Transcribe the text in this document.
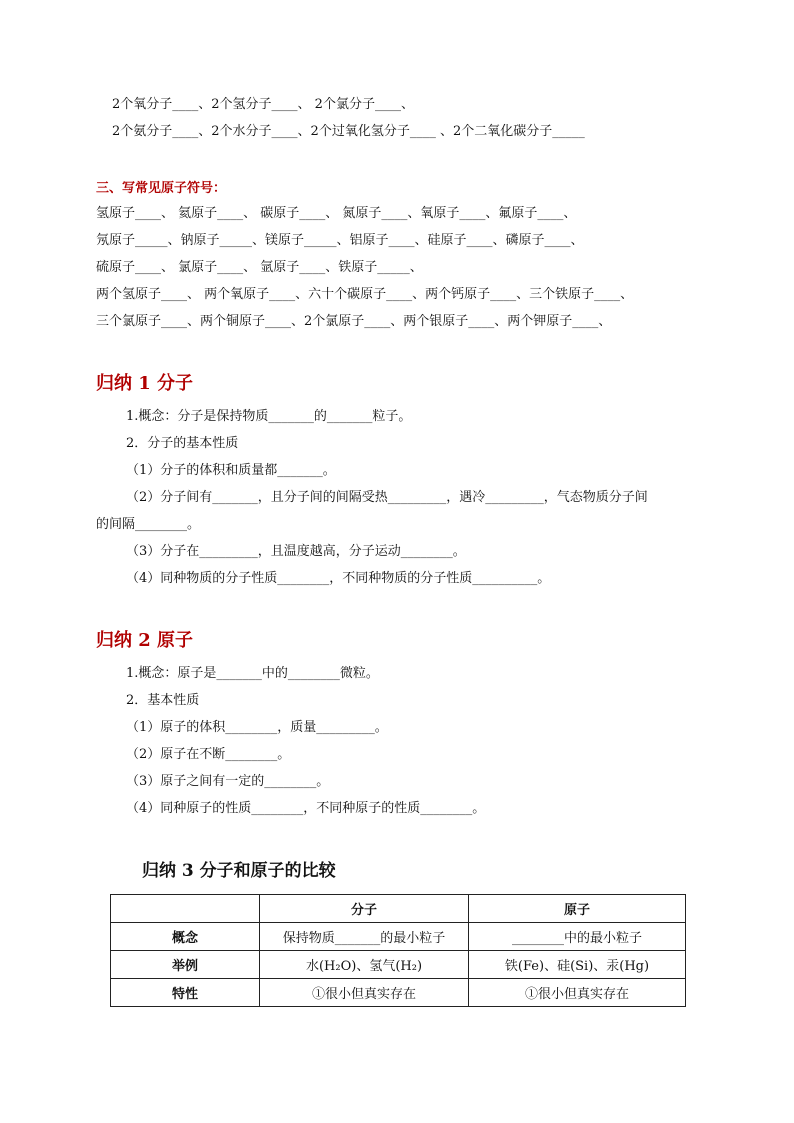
2个氧分子____、2个氢分子____、 2个氯分子____、
2个氨分子____、2个水分子____、2个过氧化氢分子____ 、2个二氧化碳分子_____
三、写常见原子符号：
氢原子____、 氦原子____、 碳原子____、 氮原子____、氧原子____、氟原子____、
氖原子_____、钠原子_____、镁原子_____、铝原子____、硅原子____、磷原子____、
硫原子____、 氯原子____、 氩原子____、铁原子_____、
两个氢原子____、 两个氧原子____、六十个碳原子____、两个钙原子____、三个铁原子____、
三个氯原子____、两个铜原子____、2个氯原子____、两个银原子____、两个钾原子____、
归纳 1 分子
1.概念：分子是保持物质_______的_______粒子。
2．分子的基本性质
（1）分子的体积和质量都_______。
（2）分子间有_______，且分子间的间隔受热_________，遇冷_________，气态物质分子间
的间隔________。
（3）分子在_________，且温度越高，分子运动________。
（4）同种物质的分子性质________，不同种物质的分子性质__________。
归纳 2 原子
1.概念：原子是_______中的________微粒。
2．基本性质
（1）原子的体积________，质量_________。
（2）原子在不断________。
（3）原子之间有一定的________。
（4）同种原子的性质________，不同种原子的性质________。
归纳 3 分子和原子的比较
	分子	原子
概念	保持物质_______的最小粒子	________中的最小粒子
举例	水(H₂O)、氢气(H₂)	铁(Fe)、硅(Si)、汞(Hg)
特性	①很小但真实存在	①很小但真实存在
